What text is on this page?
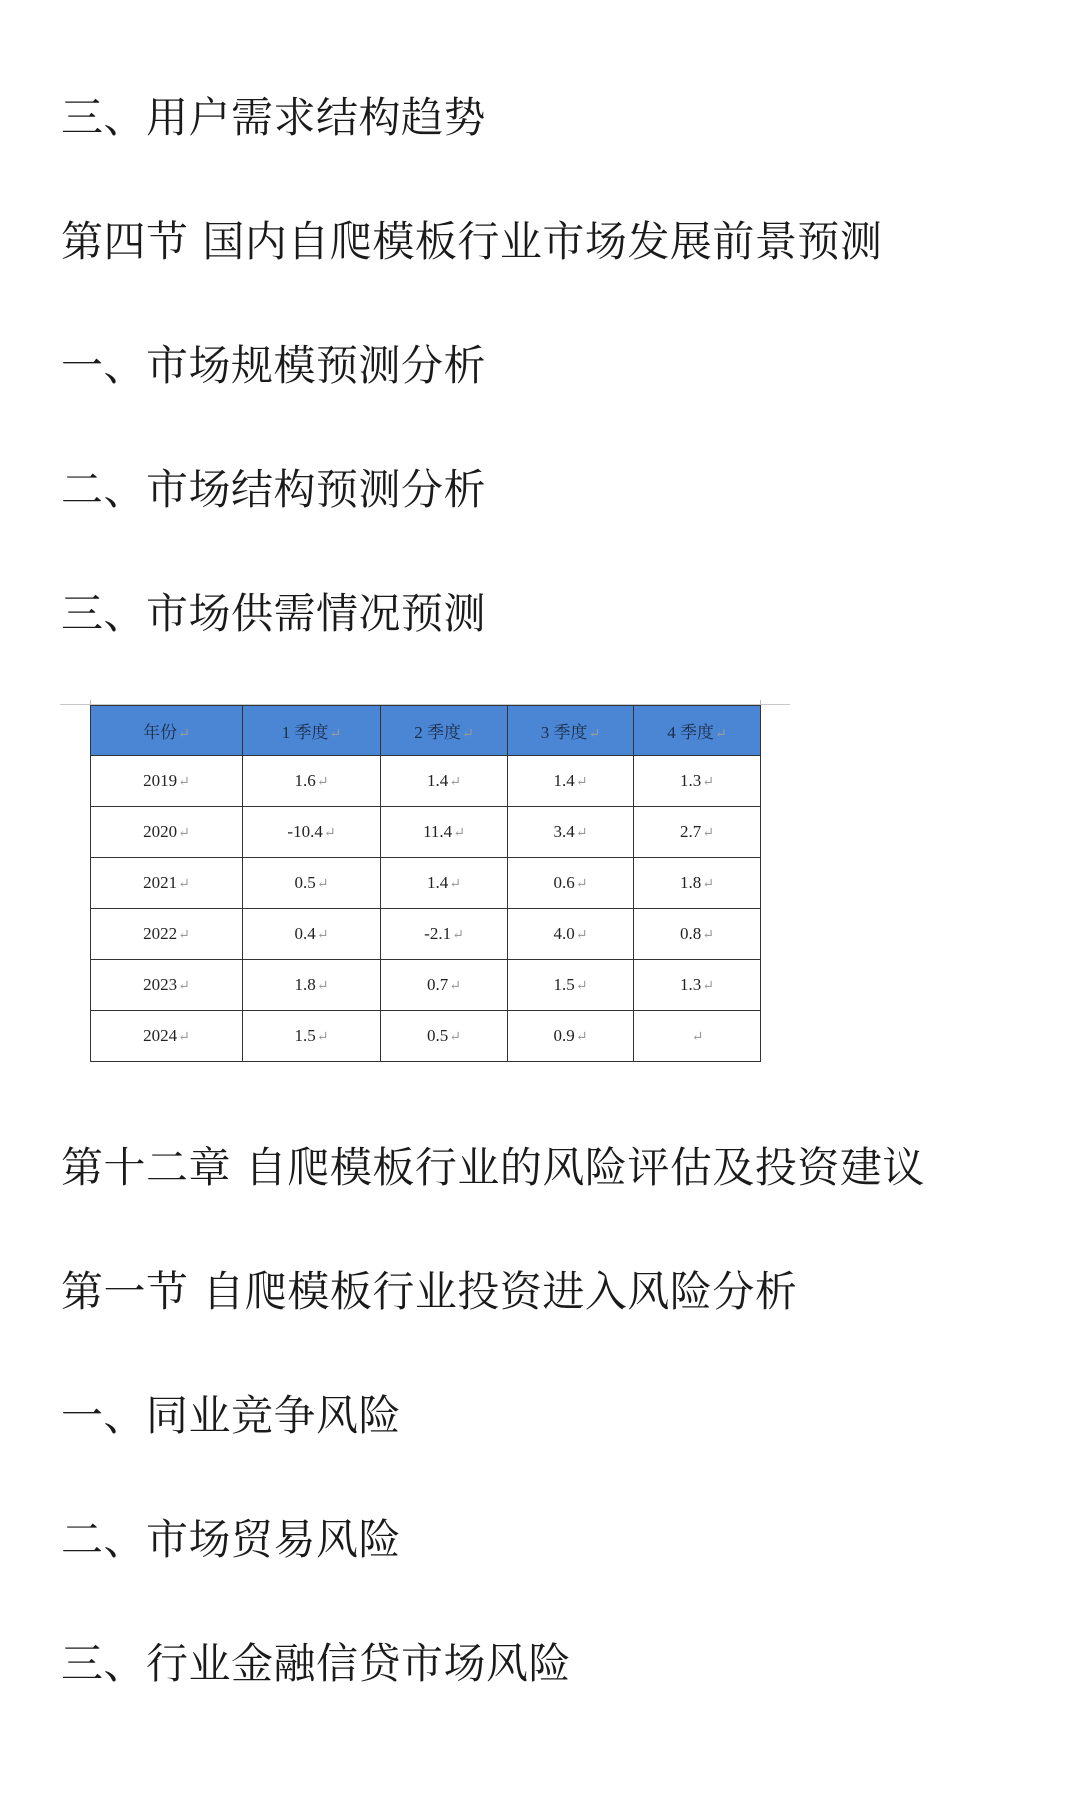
三、用户需求结构趋势
第四节 国内自爬模板行业市场发展前景预测
一、市场规模预测分析
二、市场结构预测分析
三、市场供需情况预测
年份↵	1 季度↵	2 季度↵	3 季度↵	4 季度↵
2019↵	1.6↵	1.4↵	1.4↵	1.3↵
2020↵	-10.4↵	11.4↵	3.4↵	2.7↵
2021↵	0.5↵	1.4↵	0.6↵	1.8↵
2022↵	0.4↵	-2.1↵	4.0↵	0.8↵
2023↵	1.8↵	0.7↵	1.5↵	1.3↵
2024↵	1.5↵	0.5↵	0.9↵	↵
第十二章 自爬模板行业的风险评估及投资建议
第一节 自爬模板行业投资进入风险分析
一、同业竞争风险
二、市场贸易风险
三、行业金融信贷市场风险
